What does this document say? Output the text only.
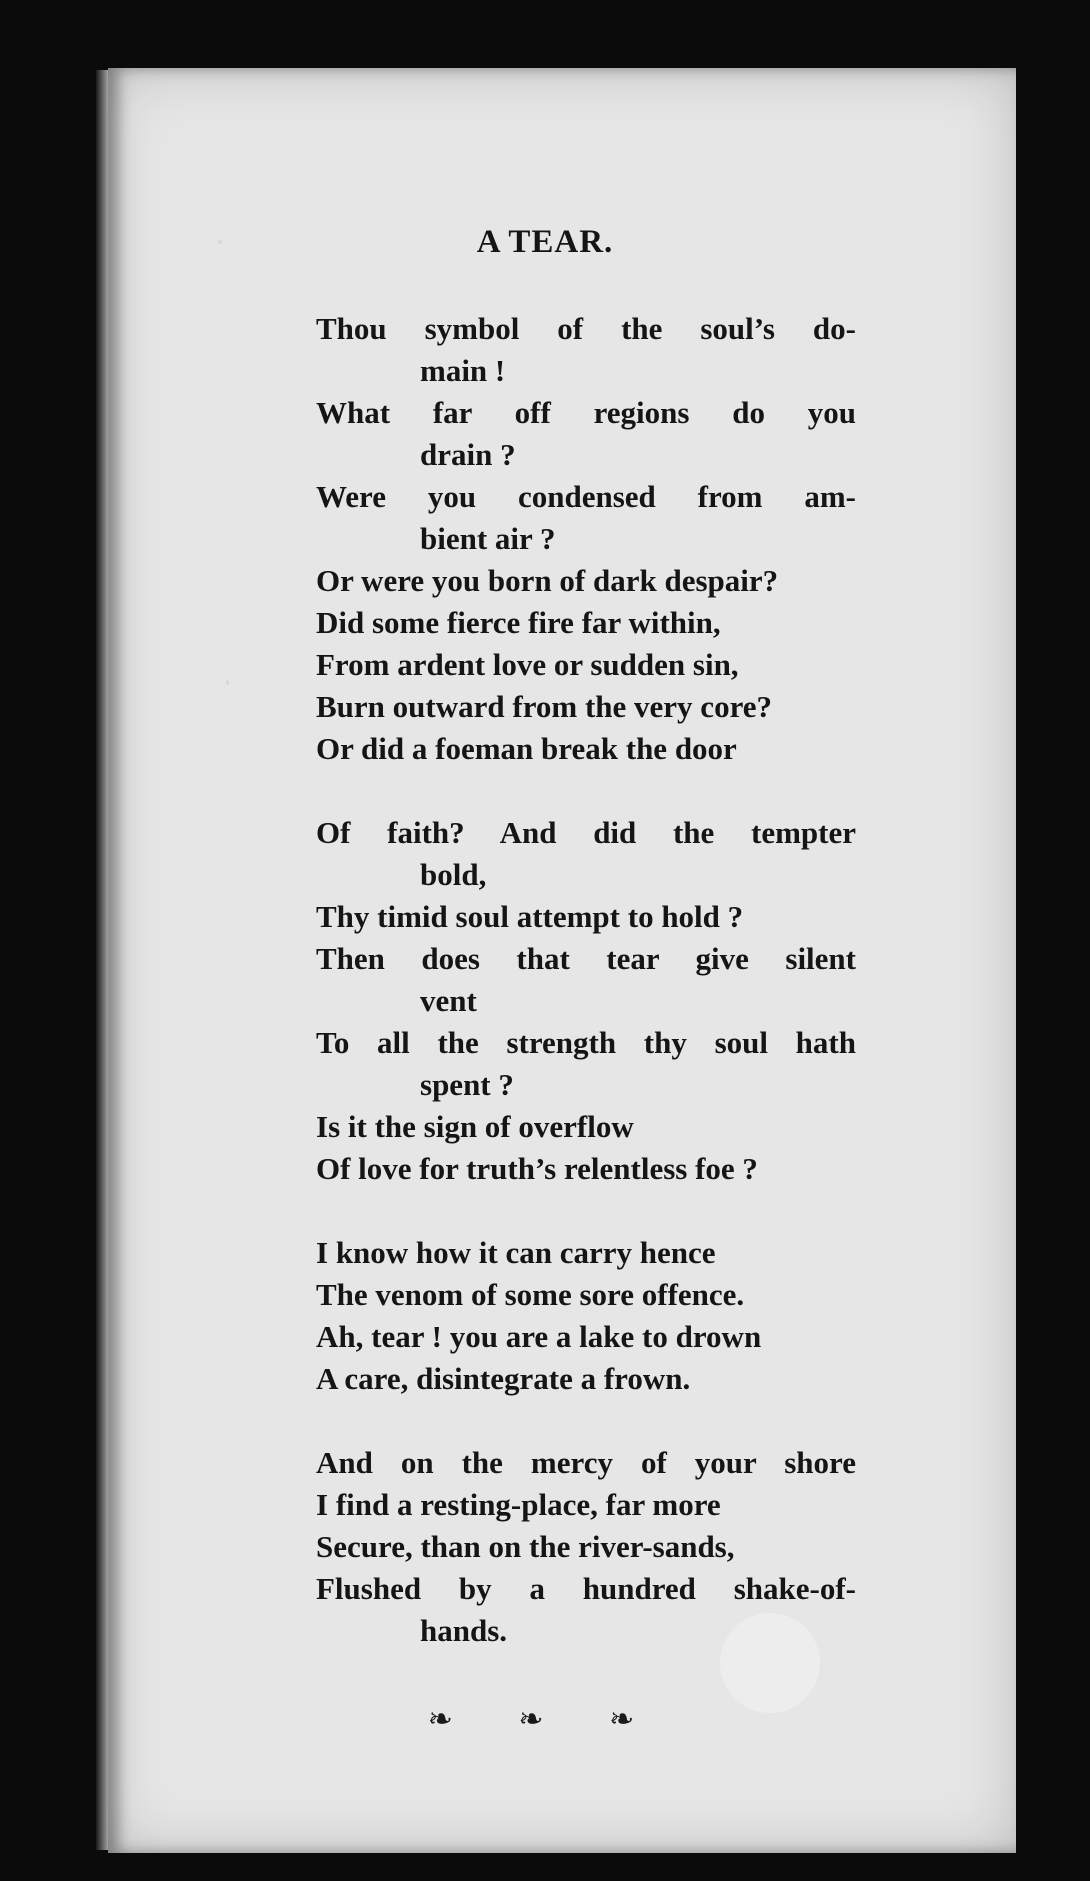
A TEAR.
Thou symbol of the soul’s do-
main !
What far off regions do you
drain ?
Were you condensed from am-
bient air ?
Or were you born of dark despair?
Did some fierce fire far within,
From ardent love or sudden sin,
Burn outward from the very core?
Or did a foeman break the door
Of faith? And did the tempter
bold,
Thy timid soul attempt to hold ?
Then does that tear give silent
vent
To all the strength thy soul hath
spent ?
Is it the sign of overflow
Of love for truth’s relentless foe ?
I know how it can carry hence
The venom of some sore offence.
Ah, tear ! you are a lake to drown
A care, disintegrate a frown.
And on the mercy of your shore
I find a resting-place, far more
Secure, than on the river-sands,
Flushed by a hundred shake-of-
hands.
❧ ❧ ❧
